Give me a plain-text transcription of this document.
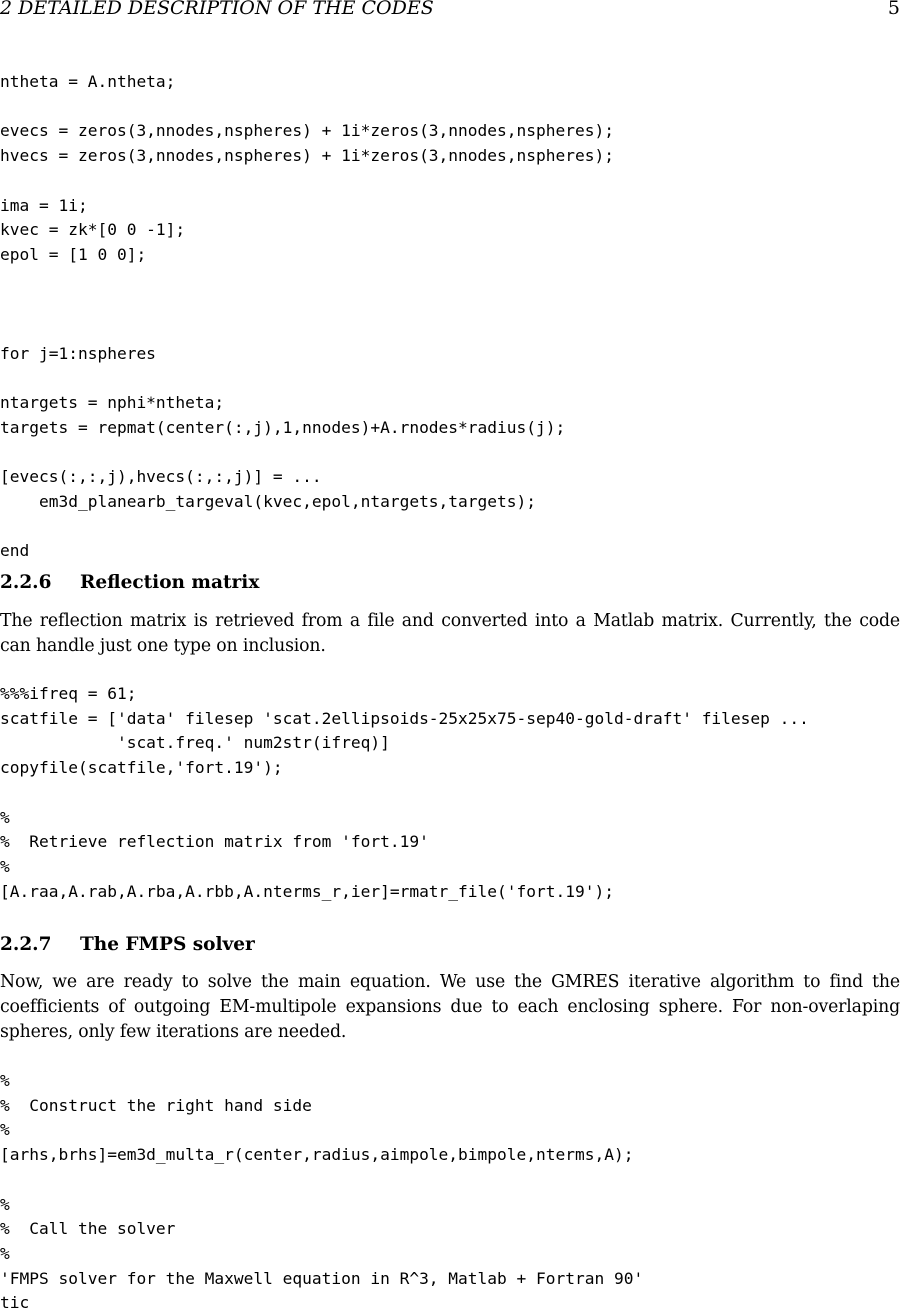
2 DETAILED DESCRIPTION OF THE CODES	5
ntheta = A.ntheta;

evecs = zeros(3,nnodes,nspheres) + 1i*zeros(3,nnodes,nspheres);
hvecs = zeros(3,nnodes,nspheres) + 1i*zeros(3,nnodes,nspheres);

ima = 1i;
kvec = zk*[0 0 -1];
epol = [1 0 0];

for j=1:nspheres

ntargets = nphi*ntheta;
targets = repmat(center(:,j),1,nnodes)+A.rnodes*radius(j);

[evecs(:,:,j),hvecs(:,:,j)] = ...
em3d_planearb_targeval(kvec,epol,ntargets,targets);

end
2.2.6 Reflection matrix

The reflection matrix is retrieved from a file and converted into a Matlab matrix. Currently, the code can handle just one type on inclusion.

%%%ifreq = 61;
scatfile = ['data' filesep 'scat.2ellipsoids-25x25x75-sep40-gold-draft' filesep ...
'scat.freq.' num2str(ifreq)]
copyfile(scatfile,'fort.19');

%
%  Retrieve reflection matrix from 'fort.19'
%
[A.raa,A.rab,A.rba,A.rbb,A.nterms_r,ier]=rmatr_file('fort.19');
2.2.7 The FMPS solver

Now, we are ready to solve the main equation. We use the GMRES iterative algorithm to find the coefficients of outgoing EM-multipole expansions due to each enclosing sphere. For non-overlaping spheres, only few iterations are needed.

%
%  Construct the right hand side
%
[arhs,brhs]=em3d_multa_r(center,radius,aimpole,bimpole,nterms,A);

%
%  Call the solver
%
'FMPS solver for the Maxwell equation in R^3, Matlab + Fortran 90'
tic
